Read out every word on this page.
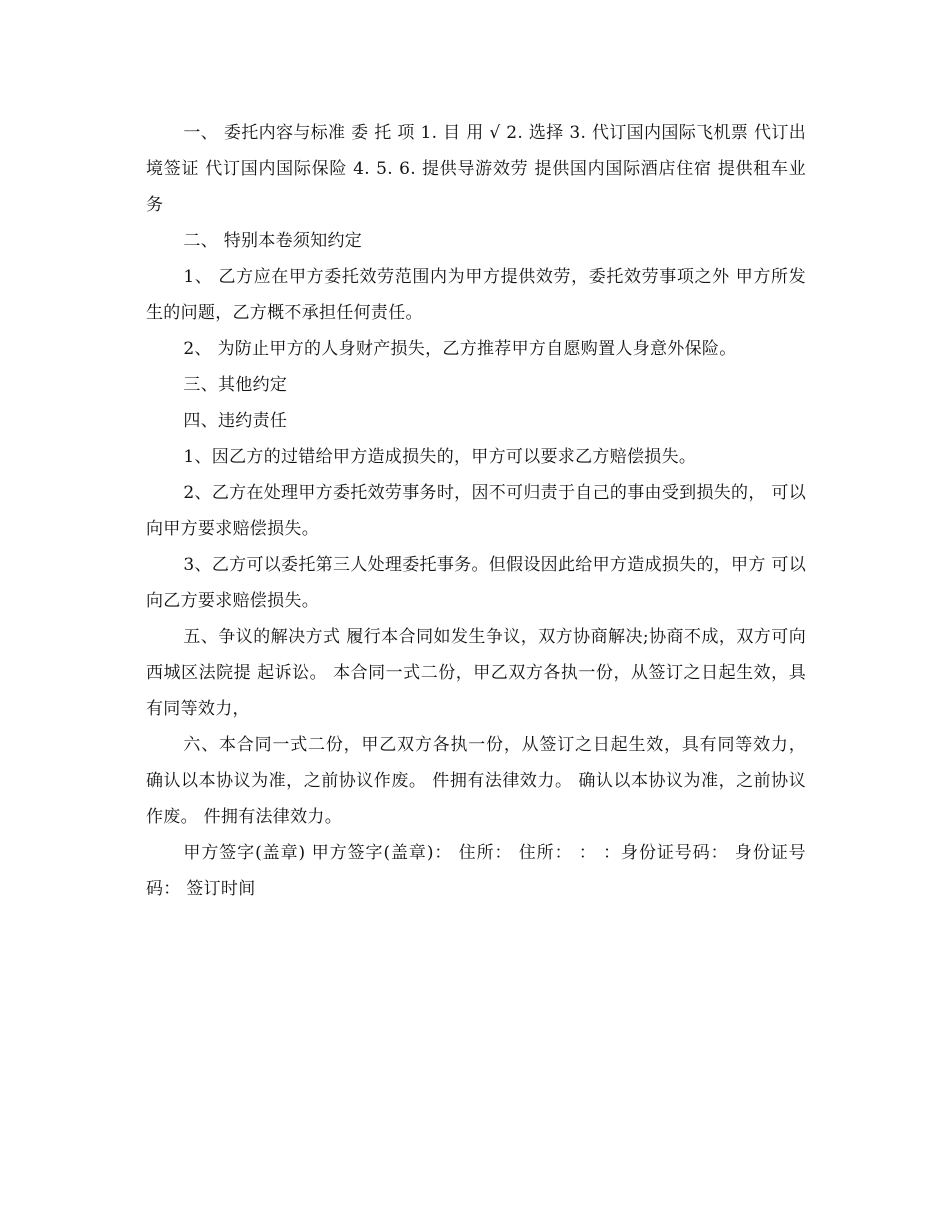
一、 委托内容与标准 委 托 项 1. 目 用 √ 2. 选择 3. 代订国内国际飞机票 代订出境签证 代订国内国际保险 4. 5. 6. 提供导游效劳 提供国内国际酒店住宿 提供租车业务

二、 特别本卷须知约定

1、 乙方应在甲方委托效劳范围内为甲方提供效劳，委托效劳事项之外 甲方所发生的问题，乙方概不承担任何责任。

2、 为防止甲方的人身财产损失，乙方推荐甲方自愿购置人身意外保险。

三、其他约定

四、违约责任

1、因乙方的过错给甲方造成损失的，甲方可以要求乙方赔偿损失。

2、乙方在处理甲方委托效劳事务时，因不可归责于自己的事由受到损失的， 可以向甲方要求赔偿损失。

3、乙方可以委托第三人处理委托事务。但假设因此给甲方造成损失的，甲方 可以向乙方要求赔偿损失。

五、争议的解决方式 履行本合同如发生争议，双方协商解决;协商不成，双方可向西城区法院提 起诉讼。 本合同一式二份，甲乙双方各执一份，从签订之日起生效，具有同等效力，

六、本合同一式二份，甲乙双方各执一份，从签订之日起生效，具有同等效力， 确认以本协议为准，之前协议作废。 件拥有法律效力。 确认以本协议为准，之前协议作废。 件拥有法律效力。

甲方签字(盖章) 甲方签字(盖章)： 住所： 住所： ： ：身份证号码： 身份证号码： 签订时间
